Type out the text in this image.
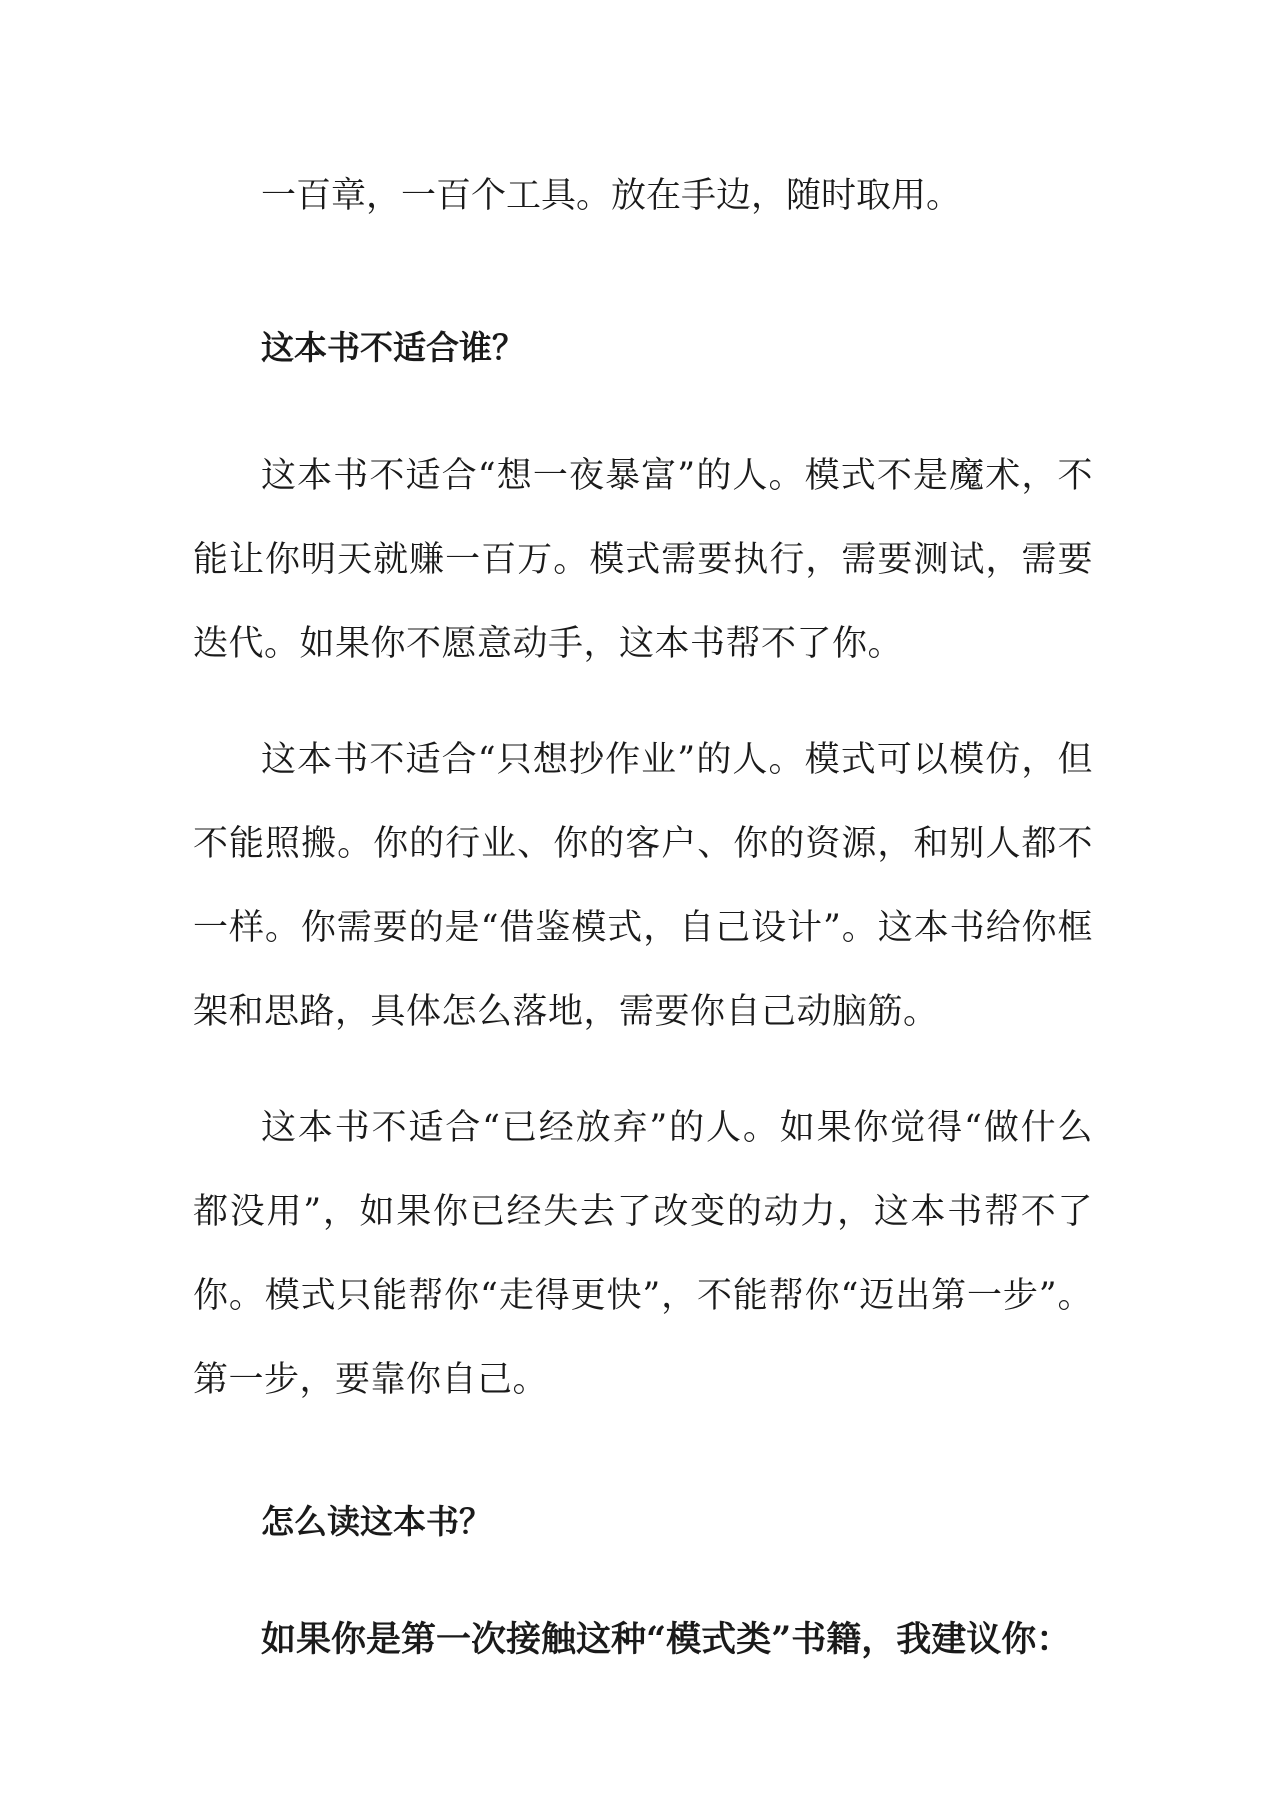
一百章，一百个工具。放在手边，随时取用。

这本书不适合谁？

这本书不适合“想一夜暴富”的人。模式不是魔术，不能让你明天就赚一百万。模式需要执行，需要测试，需要迭代。如果你不愿意动手，这本书帮不了你。

这本书不适合“只想抄作业”的人。模式可以模仿，但不能照搬。你的行业、你的客户、你的资源，和别人都不一样。你需要的是“借鉴模式，自己设计”。这本书给你框架和思路，具体怎么落地，需要你自己动脑筋。

这本书不适合“已经放弃”的人。如果你觉得“做什么都没用”，如果你已经失去了改变的动力，这本书帮不了你。模式只能帮你“走得更快”，不能帮你“迈出第一步”。第一步，要靠你自己。

怎么读这本书？

如果你是第一次接触这种“模式类”书籍，我建议你：
